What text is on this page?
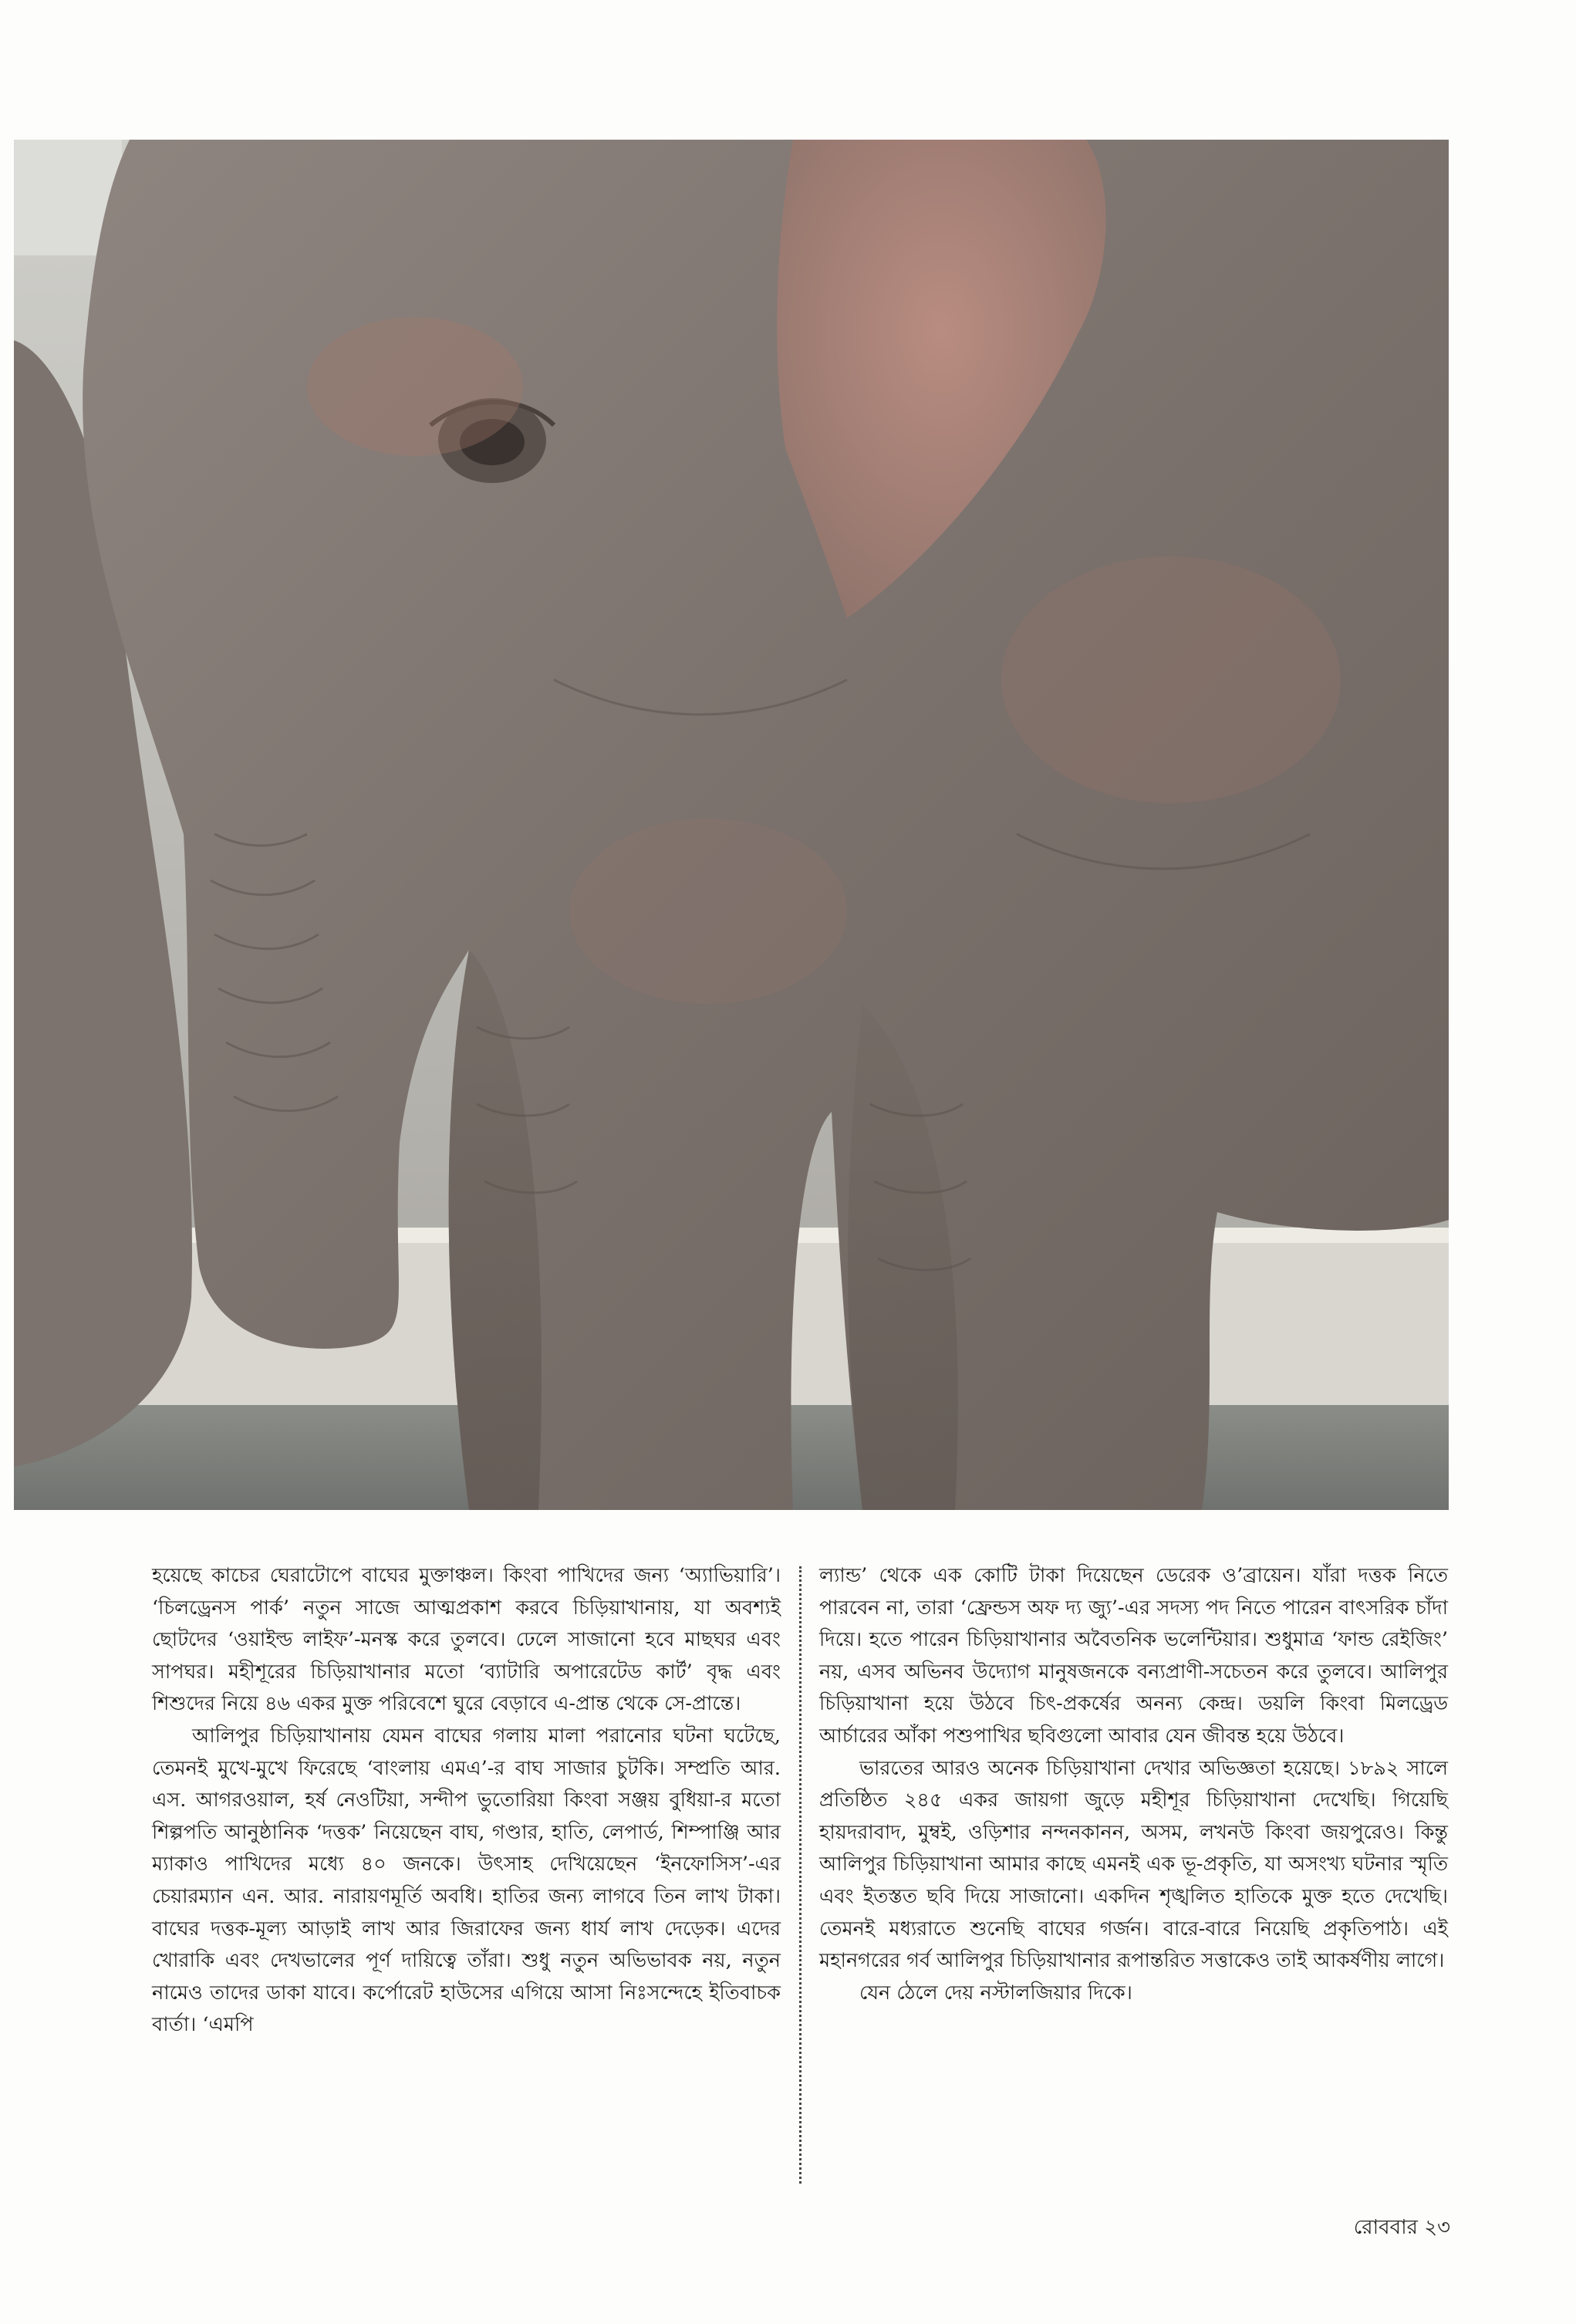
হয়েছে কাচের ঘেরাটোপে বাঘের মুক্তাঞ্চল। কিংবা পাখিদের জন্য ‘অ্যাভিয়ারি’। ‘চিলড্রেনস পার্ক’ নতুন সাজে আত্মপ্রকাশ করবে চিড়িয়াখানায়, যা অবশ্যই ছোটদের ‘ওয়াইল্ড লাইফ’-মনস্ক করে তুলবে। ঢেলে সাজানো হবে মাছঘর এবং সাপঘর। মহীশূরের চিড়িয়াখানার মতো ‘ব্যাটারি অপারেটেড কার্ট’ বৃদ্ধ এবং শিশুদের নিয়ে ৪৬ একর মুক্ত পরিবেশে ঘুরে বেড়াবে এ-প্রান্ত থেকে সে-প্রান্তে।

আলিপুর চিড়িয়াখানায় যেমন বাঘের গলায় মালা পরানোর ঘটনা ঘটেছে, তেমনই মুখে-মুখে ফিরেছে ‘বাংলায় এমএ’-র বাঘ সাজার চুটকি। সম্প্রতি আর. এস. আগরওয়াল, হর্ষ নেওটিয়া, সন্দীপ ভুতোরিয়া কিংবা সঞ্জয় বুধিয়া-র মতো শিল্পপতি আনুষ্ঠানিক ‘দত্তক’ নিয়েছেন বাঘ, গণ্ডার, হাতি, লেপার্ড, শিম্পাঞ্জি আর ম্যাকাও পাখিদের মধ্যে ৪০ জনকে। উৎসাহ দেখিয়েছেন ‘ইনফোসিস’-এর চেয়ারম্যান এন. আর. নারায়ণমূর্তি অবধি। হাতির জন্য লাগবে তিন লাখ টাকা। বাঘের দত্তক-মূল্য আড়াই লাখ আর জিরাফের জন্য ধার্য লাখ দেড়েক। এদের খোরাকি এবং দেখভালের পূর্ণ দায়িত্বে তাঁরা। শুধু নতুন অভিভাবক নয়, নতুন নামেও তাদের ডাকা যাবে। কর্পোরেট হাউসের এগিয়ে আসা নিঃসন্দেহে ইতিবাচক বার্তা। ‘এমপি

ল্যান্ড’ থেকে এক কোটি টাকা দিয়েছেন ডেরেক ও’ব্রায়েন। যাঁরা দত্তক নিতে পারবেন না, তারা ‘ফ্রেন্ডস অফ দ্য জ্যু’-এর সদস্য পদ নিতে পারেন বাৎসরিক চাঁদা দিয়ে। হতে পারেন চিড়িয়াখানার অবৈতনিক ভলেন্টিয়ার। শুধুমাত্র ‘ফান্ড রেইজিং’ নয়, এসব অভিনব উদ্যোগ মানুষজনকে বন্যপ্রাণী-সচেতন করে তুলবে। আলিপুর চিড়িয়াখানা হয়ে উঠবে চিৎ-প্রকর্ষের অনন্য কেন্দ্র। ডয়লি কিংবা মিলড্রেড আর্চারের আঁকা পশুপাখির ছবিগুলো আবার যেন জীবন্ত হয়ে উঠবে।

ভারতের আরও অনেক চিড়িয়াখানা দেখার অভিজ্ঞতা হয়েছে। ১৮৯২ সালে প্রতিষ্ঠিত ২৪৫ একর জায়গা জুড়ে মহীশূর চিড়িয়াখানা দেখেছি। গিয়েছি হায়দরাবাদ, মুম্বই, ওড়িশার নন্দনকানন, অসম, লখনউ কিংবা জয়পুরেও। কিন্তু আলিপুর চিড়িয়াখানা আমার কাছে এমনই এক ভূ-প্রকৃতি, যা অসংখ্য ঘটনার স্মৃতি এবং ইতস্তত ছবি দিয়ে সাজানো। একদিন শৃঙ্খলিত হাতিকে মুক্ত হতে দেখেছি। তেমনই মধ্যরাতে শুনেছি বাঘের গর্জন। বারে-বারে নিয়েছি প্রকৃতিপাঠ। এই মহানগরের গর্ব আলিপুর চিড়িয়াখানার রূপান্তরিত সত্তাকেও তাই আকর্ষণীয় লাগে।

যেন ঠেলে দেয় নস্টালজিয়ার দিকে।

রোববার ২৩
